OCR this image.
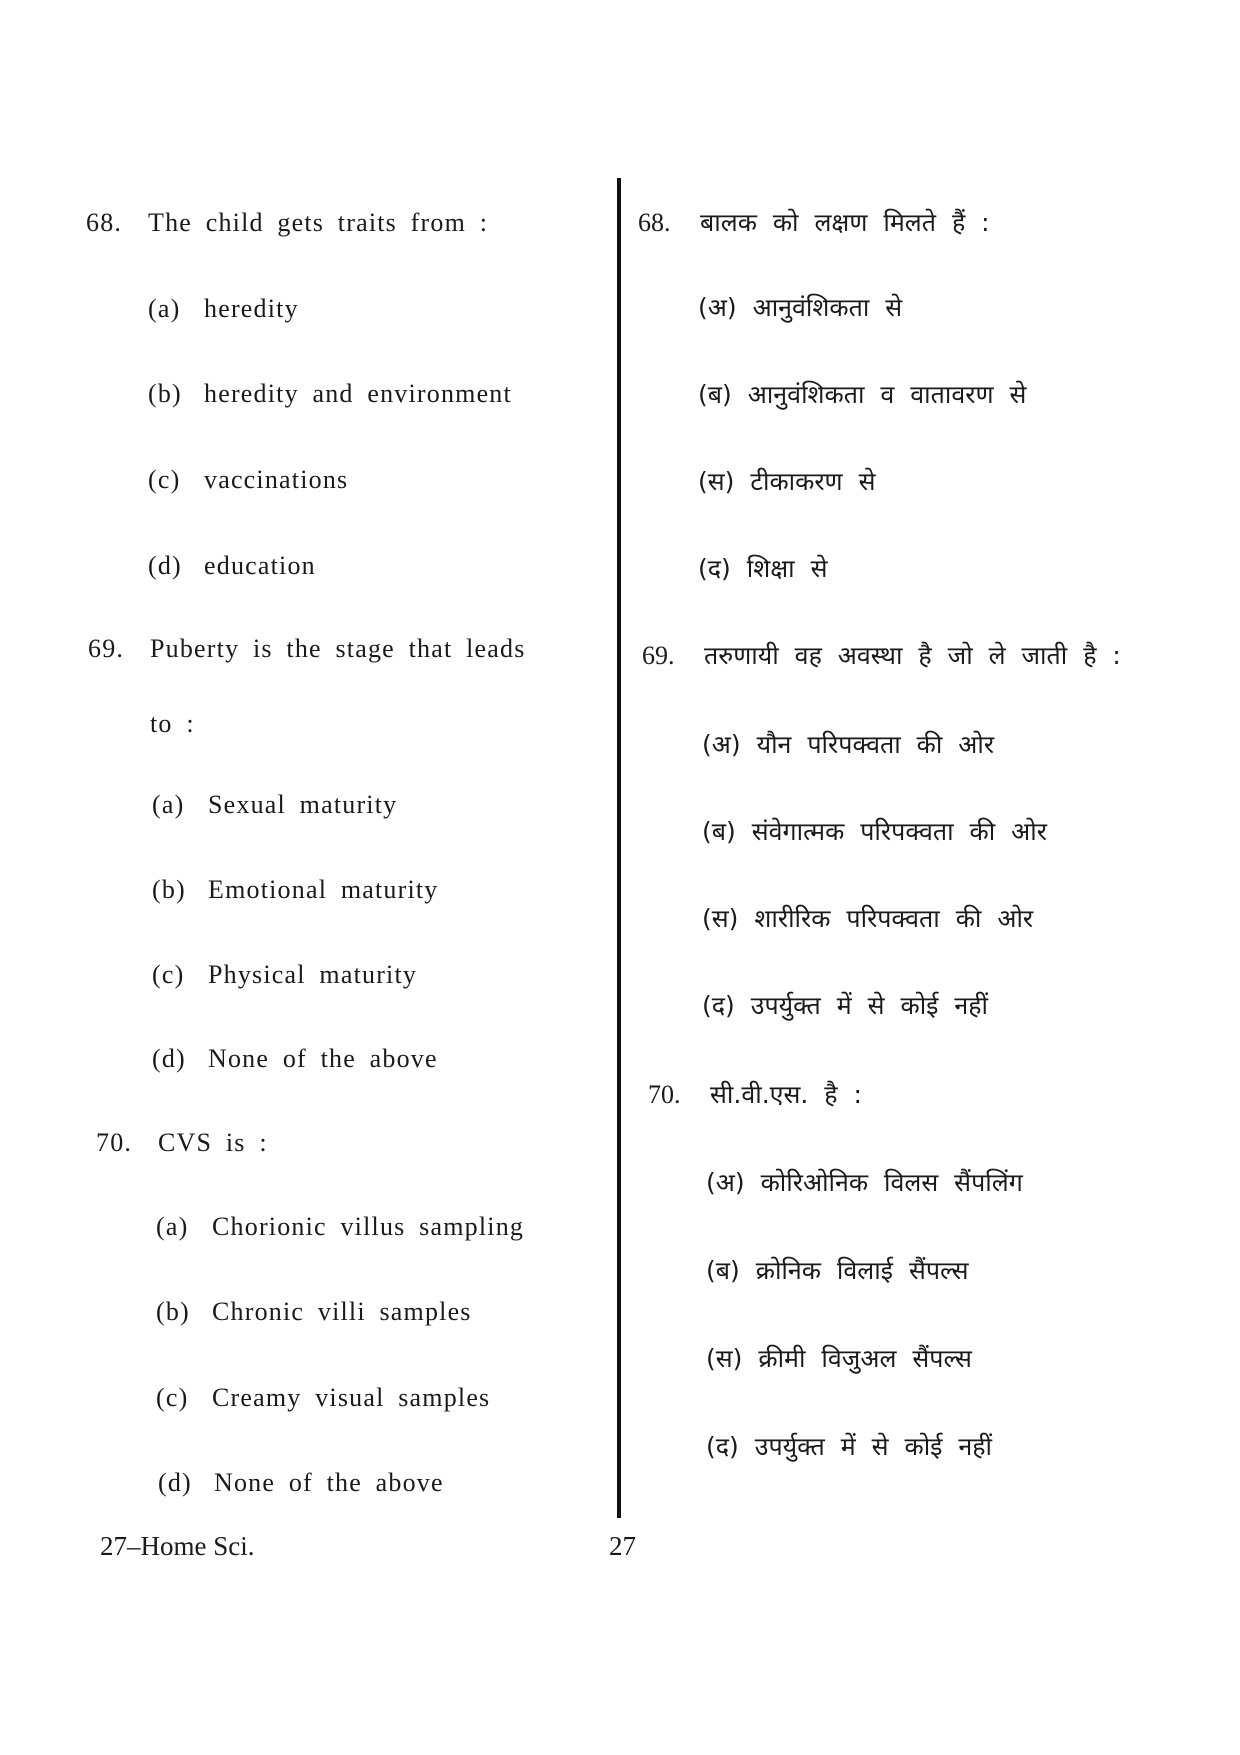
68. The child gets traits from :
(a) heredity
(b) heredity and environment
(c) vaccinations
(d) education
69. Puberty is the stage that leads
to :
(a) Sexual maturity
(b) Emotional maturity
(c) Physical maturity
(d) None of the above
70. CVS is :
(a) Chorionic villus sampling
(b) Chronic villi samples
(c) Creamy visual samples
(d) None of the above
27–Home Sci.
68. बालक को लक्षण मिलते हैं :
(अ) आनुवंशिकता से
(ब) आनुवंशिकता व वातावरण से
(स) टीकाकरण से
(द) शिक्षा से
69. तरुणायी वह अवस्था है जो ले जाती है :
(अ) यौन परिपक्वता की ओर
(ब) संवेगात्मक परिपक्वता की ओर
(स) शारीरिक परिपक्वता की ओर
(द) उपर्युक्त में से कोई नहीं
70. सी.वी.एस. है :
(अ) कोरिओनिक विलस सैंपलिंग
(ब) क्रोनिक विलाई सैंपल्स
(स) क्रीमी विजुअल सैंपल्स
(द) उपर्युक्त में से कोई नहीं
27
